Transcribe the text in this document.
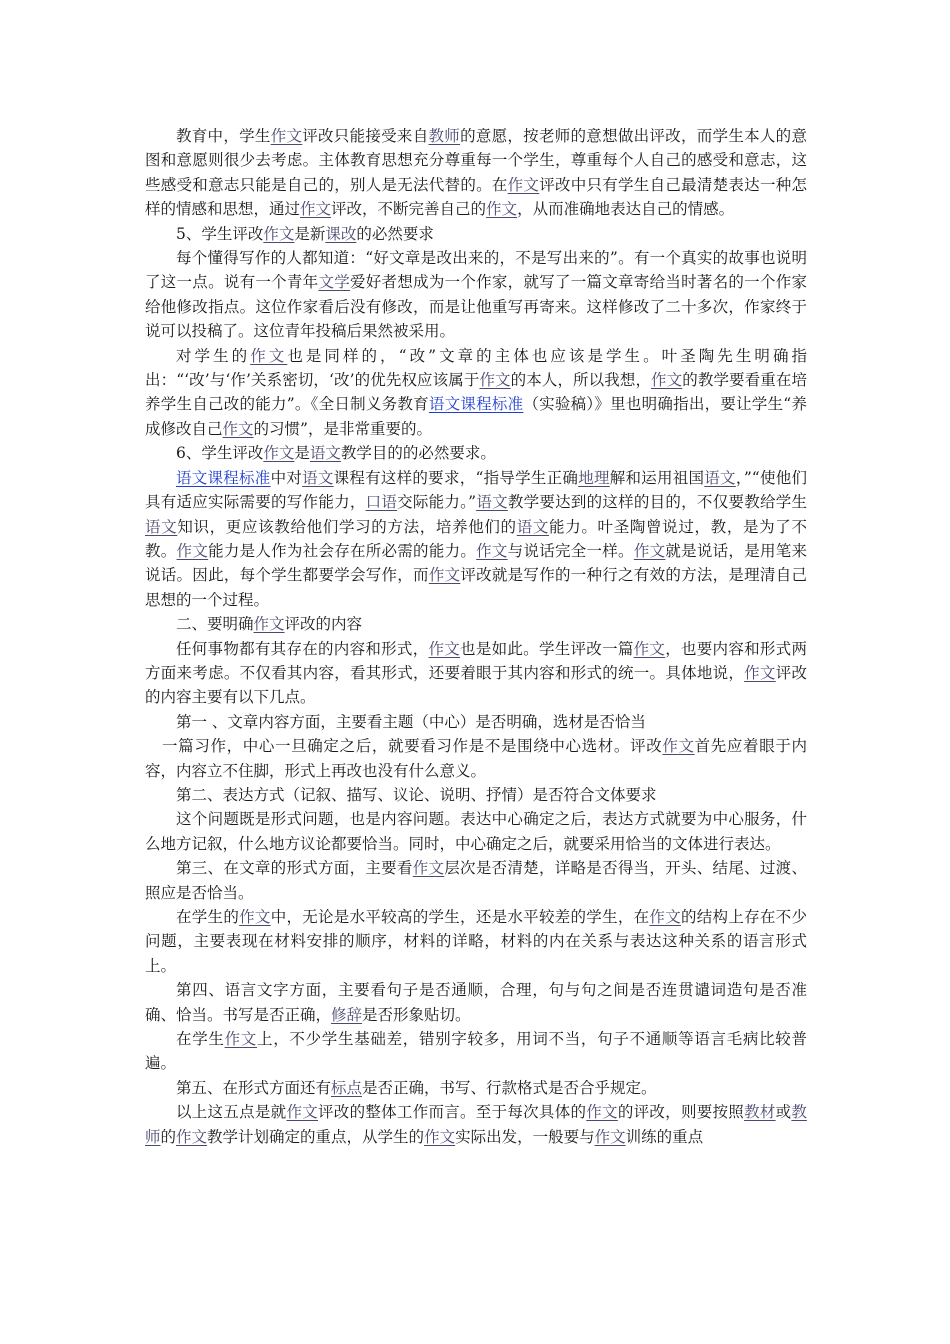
教育中，学生作文评改只能接受来自教师的意愿，按老师的意想做出评改，而学生本人的意图和意愿则很少去考虑。主体教育思想充分尊重每一个学生，尊重每个人自己的感受和意志，这些感受和意志只能是自己的，别人是无法代替的。在作文评改中只有学生自己最清楚表达一种怎样的情感和思想，通过作文评改，不断完善自己的作文，从而准确地表达自己的情感。

5、学生评改作文是新课改的必然要求

每个懂得写作的人都知道：“好文章是改出来的，不是写出来的”。有一个真实的故事也说明了这一点。说有一个青年文学爱好者想成为一个作家，就写了一篇文章寄给当时著名的一个作家给他修改指点。这位作家看后没有修改，而是让他重写再寄来。这样修改了二十多次，作家终于说可以投稿了。这位青年投稿后果然被采用。

对学生的作文也是同样的，“改”文章的主体也应该是学生。叶圣陶先生明确指出：“‘改’与‘作’关系密切，‘改’的优先权应该属于作文的本人，所以我想，作文的教学要看重在培养学生自己改的能力”。《全日制义务教育语文课程标准（实验稿）》里也明确指出，要让学生“养成修改自己作文的习惯”，是非常重要的。

6、学生评改作文是语文教学目的的必然要求。

语文课程标准中对语文课程有这样的要求，“指导学生正确地理解和运用祖国语文，”“使他们具有适应实际需要的写作能力，口语交际能力。”语文教学要达到的这样的目的，不仅要教给学生语文知识，更应该教给他们学习的方法，培养他们的语文能力。叶圣陶曾说过，教，是为了不教。作文能力是人作为社会存在所必需的能力。作文与说话完全一样。作文就是说话，是用笔来说话。因此，每个学生都要学会写作，而作文评改就是写作的一种行之有效的方法，是理清自己思想的一个过程。

二、要明确作文评改的内容

任何事物都有其存在的内容和形式，作文也是如此。学生评改一篇作文，也要内容和形式两方面来考虑。不仅看其内容，看其形式，还要着眼于其内容和形式的统一。具体地说，作文评改的内容主要有以下几点。

第一 、文章内容方面，主要看主题（中心）是否明确，选材是否恰当

一篇习作，中心一旦确定之后，就要看习作是不是围绕中心选材。评改作文首先应着眼于内容，内容立不住脚，形式上再改也没有什么意义。

第二、表达方式（记叙、描写、议论、说明、抒情）是否符合文体要求

这个问题既是形式问题，也是内容问题。表达中心确定之后，表达方式就要为中心服务，什么地方记叙，什么地方议论都要恰当。同时，中心确定之后，就要采用恰当的文体进行表达。

第三、在文章的形式方面，主要看作文层次是否清楚，详略是否得当，开头、结尾、过渡、照应是否恰当。

在学生的作文中，无论是水平较高的学生，还是水平较差的学生，在作文的结构上存在不少问题，主要表现在材料安排的顺序，材料的详略，材料的内在关系与表达这种关系的语言形式上。

第四、语言文字方面，主要看句子是否通顺，合理，句与句之间是否连贯谴词造句是否准确、恰当。书写是否正确，修辞是否形象贴切。

在学生作文上，不少学生基础差，错别字较多，用词不当，句子不通顺等语言毛病比较普遍。

第五、在形式方面还有标点是否正确，书写、行款格式是否合乎规定。

以上这五点是就作文评改的整体工作而言。至于每次具体的作文的评改，则要按照教材或教师的作文教学计划确定的重点，从学生的作文实际出发，一般要与作文训练的重点
